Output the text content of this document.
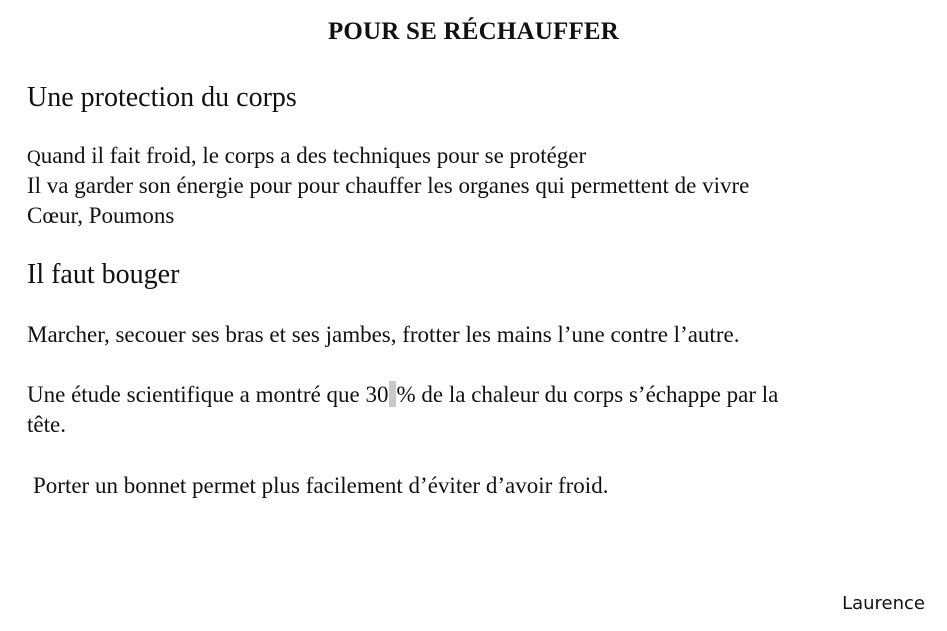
POUR SE RÉCHAUFFER
Une protection du corps
Quand il fait froid, le corps a des techniques pour se protéger
Il va garder son énergie pour pour chauffer les organes qui permettent de vivre
Cœur, Poumons
Il faut bouger
Marcher, secouer ses bras et ses jambes, frotter les mains l’une contre l’autre.
Une étude scientifique a montré que 30 % de la chaleur du corps s’échappe par la
tête.
Porter un bonnet permet plus facilement d’éviter d’avoir froid.
Laurence
